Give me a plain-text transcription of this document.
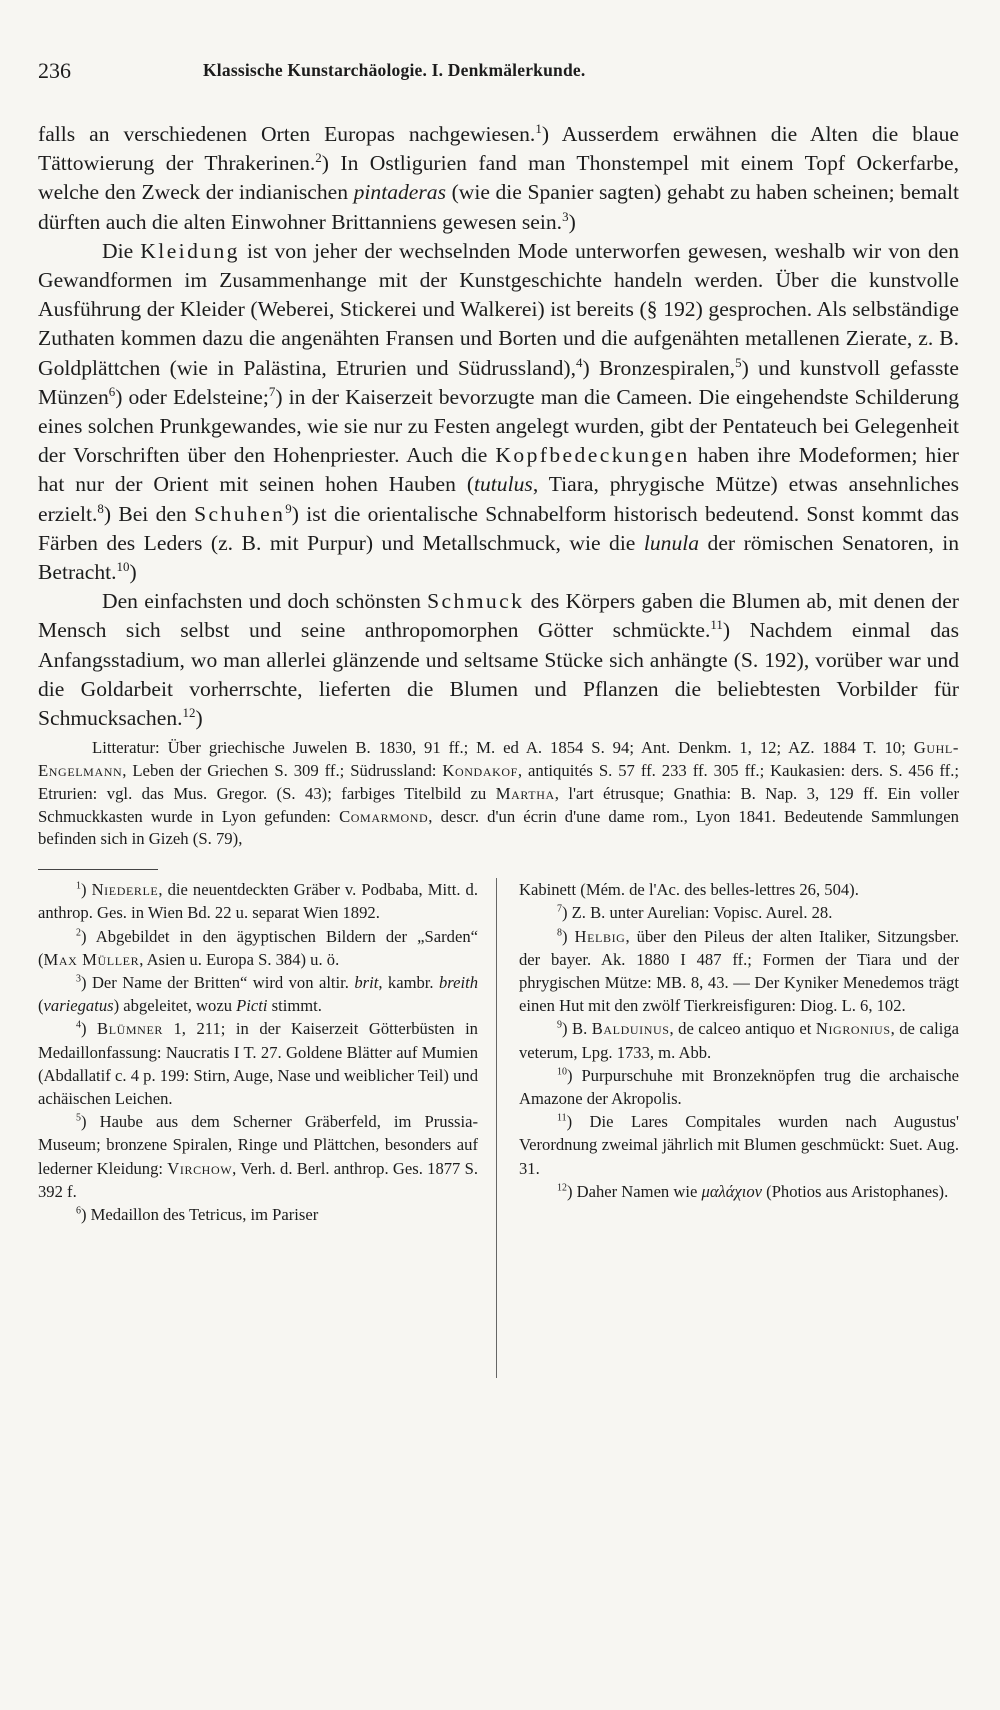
236	Klassische Kunstarchäologie. I. Denkmälerkunde.

falls an verschiedenen Orten Europas nachgewiesen.$^1$) Ausserdem erwähnen die Alten die blaue Tättowierung der Thrakerinen.$^2$) In Ostligurien fand man Thonstempel mit einem Topf Ockerfarbe, welche den Zweck der indianischen pintaderas (wie die Spanier sagten) gehabt zu haben scheinen; bemalt dürften auch die alten Einwohner Brittanniens gewesen sein.$^3$)

Die Kleidung ist von jeher der wechselnden Mode unterworfen gewesen, weshalb wir von den Gewandformen im Zusammenhange mit der Kunstgeschichte handeln werden. Über die kunstvolle Ausführung der Kleider (Weberei, Stickerei und Walkerei) ist bereits (§ 192) gesprochen. Als selbständige Zuthaten kommen dazu die angenähten Fransen und Borten und die aufgenähten metallenen Zierate, z. B. Goldplättchen (wie in Palästina, Etrurien und Südrussland),$^4$) Bronzespiralen,$^5$) und kunstvoll gefasste Münzen$^6$) oder Edelsteine;$^7$) in der Kaiserzeit bevorzugte man die Cameen. Die eingehendste Schilderung eines solchen Prunkgewandes, wie sie nur zu Festen angelegt wurden, gibt der Pentateuch bei Gelegenheit der Vorschriften über den Hohenpriester. Auch die Kopfbedeckungen haben ihre Modeformen; hier hat nur der Orient mit seinen hohen Hauben (tutulus, Tiara, phrygische Mütze) etwas ansehnliches erzielt.$^8$) Bei den Schuhen$^9$) ist die orientalische Schnabelform historisch bedeutend. Sonst kommt das Färben des Leders (z. B. mit Purpur) und Metallschmuck, wie die lunula der römischen Senatoren, in Betracht.$^{10}$)

Den einfachsten und doch schönsten Schmuck des Körpers gaben die Blumen ab, mit denen der Mensch sich selbst und seine anthropomorphen Götter schmückte.$^{11}$) Nachdem einmal das Anfangsstadium, wo man allerlei glänzende und seltsame Stücke sich anhängte (S. 192), vorüber war und die Goldarbeit vorherrschte, lieferten die Blumen und Pflanzen die beliebtesten Vorbilder für Schmucksachen.$^{12}$)

Litteratur: Über griechische Juwelen B. 1830, 91 ff.; M. ed A. 1854 S. 94; Ant. Denkm. 1, 12; AZ. 1884 T. 10; Guhl-Engelmann, Leben der Griechen S. 309 ff.; Südrussland: Kondakof, antiquités S. 57 ff. 233 ff. 305 ff.; Kaukasien: ders. S. 456 ff.; Etrurien: vgl. das Mus. Gregor. (S. 43); farbiges Titelbild zu Martha, l'art étrusque; Gnathia: B. Nap. 3, 129 ff. Ein voller Schmuckkasten wurde in Lyon gefunden: Comarmond, descr. d'un écrin d'une dame rom., Lyon 1841. Bedeutende Sammlungen befinden sich in Gizeh (S. 79),

$^1$) Niederle, die neuentdeckten Gräber v. Podbaba, Mitt. d. anthrop. Ges. in Wien Bd. 22 u. separat Wien 1892.

$^2$) Abgebildet in den ägyptischen Bildern der „Sarden“ (Max Müller, Asien u. Europa S. 384) u. ö.

$^3$) Der Name der Britten“ wird von altir. brit, kambr. breith (variegatus) abgeleitet, wozu Picti stimmt.

$^4$) Blümner 1, 211; in der Kaiserzeit Götterbüsten in Medaillonfassung: Naucratis I T. 27. Goldene Blätter auf Mumien (Abdallatif c. 4 p. 199: Stirn, Auge, Nase und weiblicher Teil) und achäischen Leichen.

$^5$) Haube aus dem Scherner Gräberfeld, im Prussia-Museum; bronzene Spiralen, Ringe und Plättchen, besonders auf lederner Kleidung: Virchow, Verh. d. Berl. anthrop. Ges. 1877 S. 392 f.

$^6$) Medaillon des Tetricus, im Pariser

Kabinett (Mém. de l'Ac. des belles-lettres 26, 504).

$^7$) Z. B. unter Aurelian: Vopisc. Aurel. 28.

$^8$) Helbig, über den Pileus der alten Italiker, Sitzungsber. der bayer. Ak. 1880 I 487 ff.; Formen der Tiara und der phrygischen Mütze: MB. 8, 43. — Der Kyniker Menedemos trägt einen Hut mit den zwölf Tierkreisfiguren: Diog. L. 6, 102.

$^9$) B. Balduinus, de calceo antiquo et Nigronius, de caliga veterum, Lpg. 1733, m. Abb.

$^{10}$) Purpurschuhe mit Bronzeknöpfen trug die archaische Amazone der Akropolis.

$^{11}$) Die Lares Compitales wurden nach Augustus' Verordnung zweimal jährlich mit Blumen geschmückt: Suet. Aug. 31.

$^{12}$) Daher Namen wie μαλάχιον (Photios aus Aristophanes).
